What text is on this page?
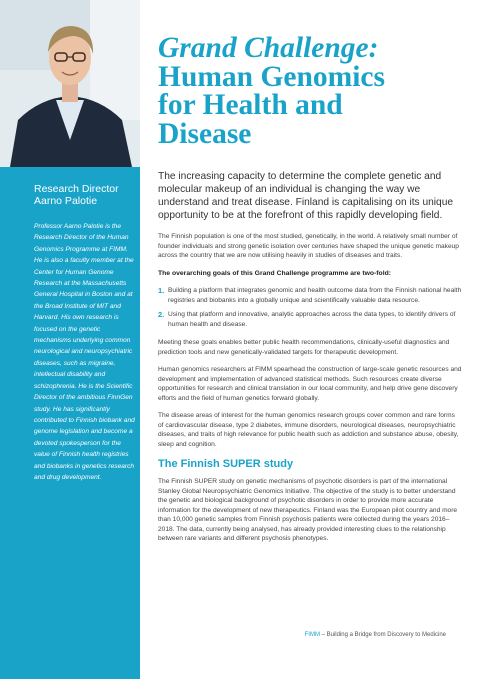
Research Director
Aarno Palotie
Professor Aarno Palotie is the Research Director of the Human Genomics Programme at FIMM. He is also a faculty member at the Center for Human Genome Research at the Massachusetts General Hospital in Boston and at the Broad Institute of MIT and Harvard. His own research is focused on the genetic mechanisms underlying common neurological and neuropsychiatric diseases, such as migraine, intellectual disability and schizophrenia. He is the Scientific Director of the ambitious FinnGen study. He has significantly contributed to Finnish biobank and genome legislation and become a devoted spokesperson for the value of Finnish health registries and biobanks in genetics research and drug development.
Grand Challenge:
Human Genomics
for Health and
Disease

The increasing capacity to determine the complete genetic and molecular makeup of an individual is changing the way we understand and treat disease. Finland is capitalising on its unique opportunity to be at the forefront of this rapidly developing field.

The Finnish population is one of the most studied, genetically, in the world. A relatively small number of founder individuals and strong genetic isolation over centuries have shaped the unique genetic makeup across the country that we are now utilising heavily in studies of diseases and traits.

The overarching goals of this Grand Challenge programme are two-fold:

1. Building a platform that integrates genomic and health outcome data from the Finnish national health registries and biobanks into a globally unique and scientifically valuable data resource.
2. Using that platform and innovative, analytic approaches across the data types, to identify drivers of human health and disease.

Meeting these goals enables better public health recommendations, clinically-useful diagnostics and prediction tools and new genetically-validated targets for therapeutic development.

Human genomics researchers at FIMM spearhead the construction of large-scale genetic resources and development and implementation of advanced statistical methods. Such resources create diverse opportunities for research and clinical translation in our local community, and help drive gene discovery efforts and the field of human genetics forward globally.

The disease areas of interest for the human genomics research groups cover common and rare forms of cardiovascular disease, type 2 diabetes, immune disorders, neurological diseases, neuropsychiatric diseases, and traits of high relevance for public health such as addiction and substance abuse, obesity, sleep and cognition.

The Finnish SUPER study

The Finnish SUPER study on genetic mechanisms of psychotic disorders is part of the international Stanley Global Neuropsychiatric Genomics Initiative. The objective of the study is to better understand the genetic and biological background of psychotic disorders in order to provide more accurate information for the development of new therapeutics. Finland was the European pilot country and more than 10,000 genetic samples from Finnish psychosis patients were collected during the years 2016–2018. The data, currently being analysed, has already provided interesting clues to the relationship between rare variants and different psychosis phenotypes.

6	FIMM – Building a Bridge from Discovery to Medicine
